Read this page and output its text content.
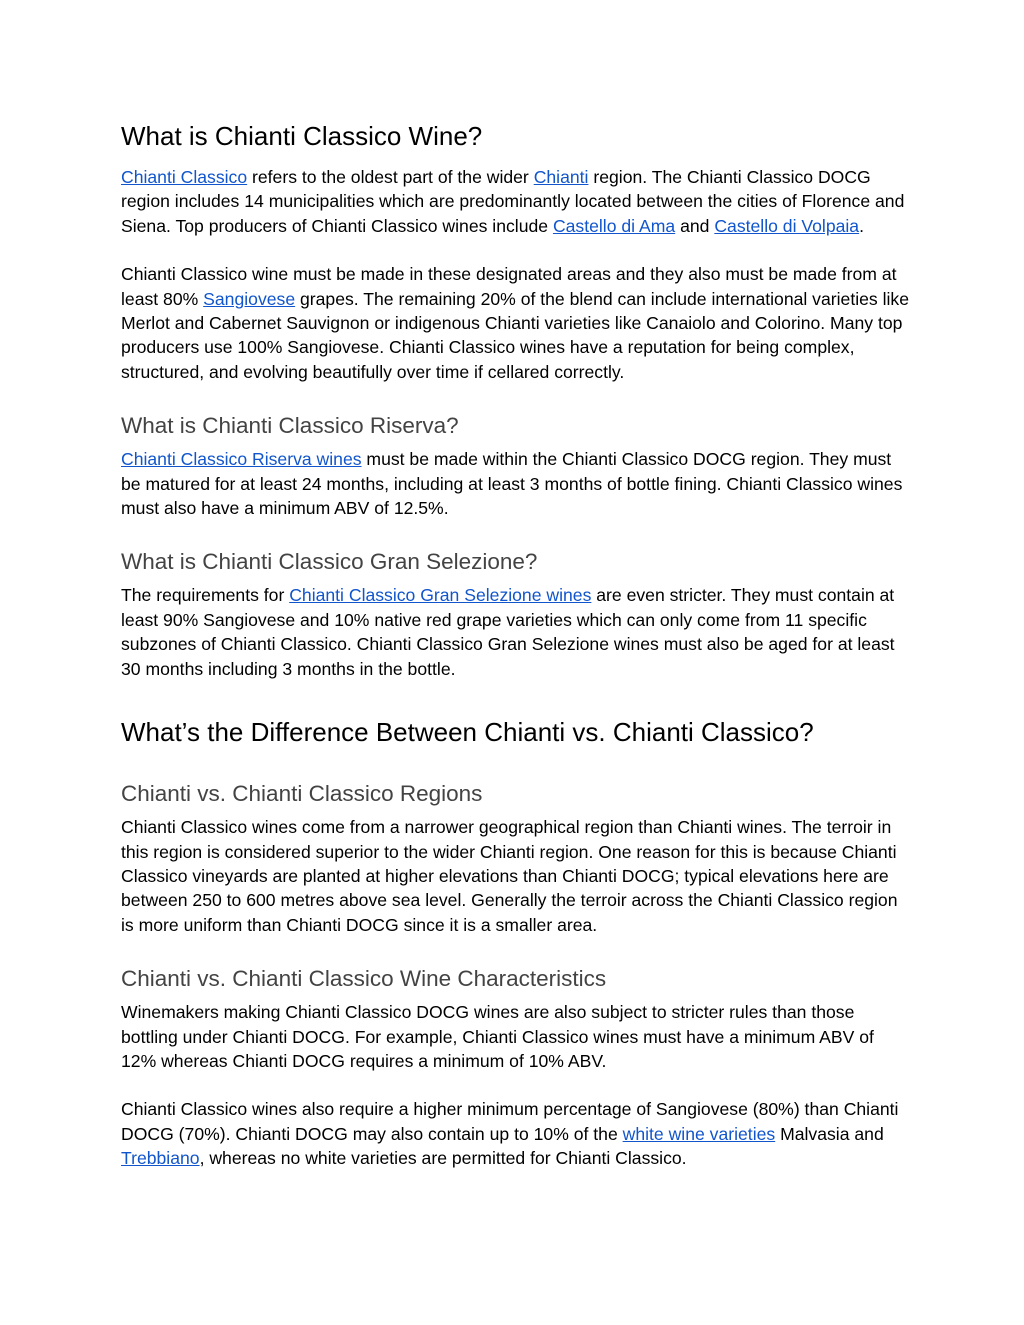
What is Chianti Classico Wine?

Chianti Classico refers to the oldest part of the wider Chianti region. The Chianti Classico DOCG region includes 14 municipalities which are predominantly located between the cities of Florence and Siena. Top producers of Chianti Classico wines include Castello di Ama and Castello di Volpaia.

Chianti Classico wine must be made in these designated areas and they also must be made from at least 80% Sangiovese grapes. The remaining 20% of the blend can include international varieties like Merlot and Cabernet Sauvignon or indigenous Chianti varieties like Canaiolo and Colorino. Many top producers use 100% Sangiovese. Chianti Classico wines have a reputation for being complex, structured, and evolving beautifully over time if cellared correctly.

What is Chianti Classico Riserva?

Chianti Classico Riserva wines must be made within the Chianti Classico DOCG region. They must be matured for at least 24 months, including at least 3 months of bottle fining. Chianti Classico wines must also have a minimum ABV of 12.5%.

What is Chianti Classico Gran Selezione?

The requirements for Chianti Classico Gran Selezione wines are even stricter. They must contain at least 90% Sangiovese and 10% native red grape varieties which can only come from 11 specific subzones of Chianti Classico. Chianti Classico Gran Selezione wines must also be aged for at least 30 months including 3 months in the bottle.

What’s the Difference Between Chianti vs. Chianti Classico?
Chianti vs. Chianti Classico Regions

Chianti Classico wines come from a narrower geographical region than Chianti wines. The terroir in this region is considered superior to the wider Chianti region. One reason for this is because Chianti Classico vineyards are planted at higher elevations than Chianti DOCG; typical elevations here are between 250 to 600 metres above sea level. Generally the terroir across the Chianti Classico region is more uniform than Chianti DOCG since it is a smaller area.

Chianti vs. Chianti Classico Wine Characteristics

Winemakers making Chianti Classico DOCG wines are also subject to stricter rules than those bottling under Chianti DOCG. For example, Chianti Classico wines must have a minimum ABV of 12% whereas Chianti DOCG requires a minimum of 10% ABV.

Chianti Classico wines also require a higher minimum percentage of Sangiovese (80%) than Chianti DOCG (70%). Chianti DOCG may also contain up to 10% of the white wine varieties Malvasia and Trebbiano, whereas no white varieties are permitted for Chianti Classico.
